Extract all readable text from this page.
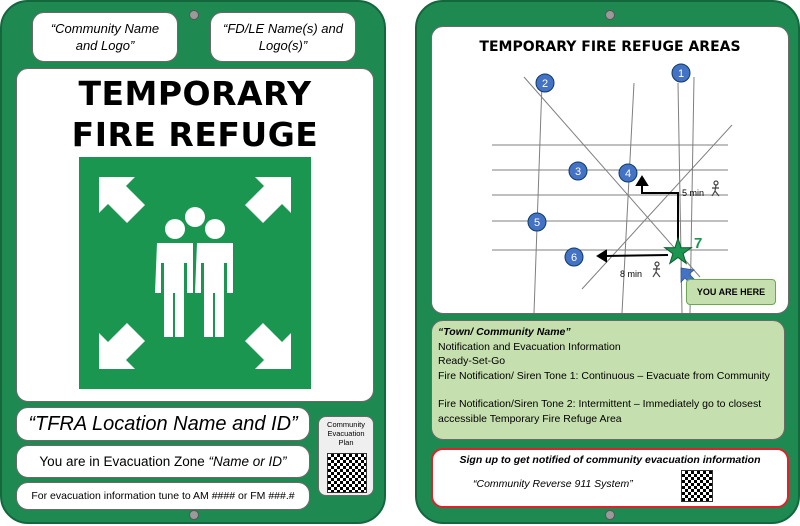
“Community Name and Logo”
“FD/LE Name(s) and Logo(s)”
TEMPORARY
FIRE REFUGE
“TFRA Location Name and ID”
You are in Evacuation Zone “Name or ID”
For evacuation information tune to AM #### or FM ###.#
Community Evacuation Plan
TEMPORARY FIRE REFUGE AREAS
5 min
8 min
1
2
3	4
5
6
7
YOU ARE HERE
“Town/ Community Name”
Notification and Evacuation Information
Ready-Set-Go
Fire Notification/ Siren Tone 1: Continuous – Evacuate from Community
Fire Notification/Siren Tone 2: Intermittent – Immediately go to closest accessible Temporary Fire Refuge Area
Sign up to get notified of community evacuation information
“Community Reverse 911 System”
